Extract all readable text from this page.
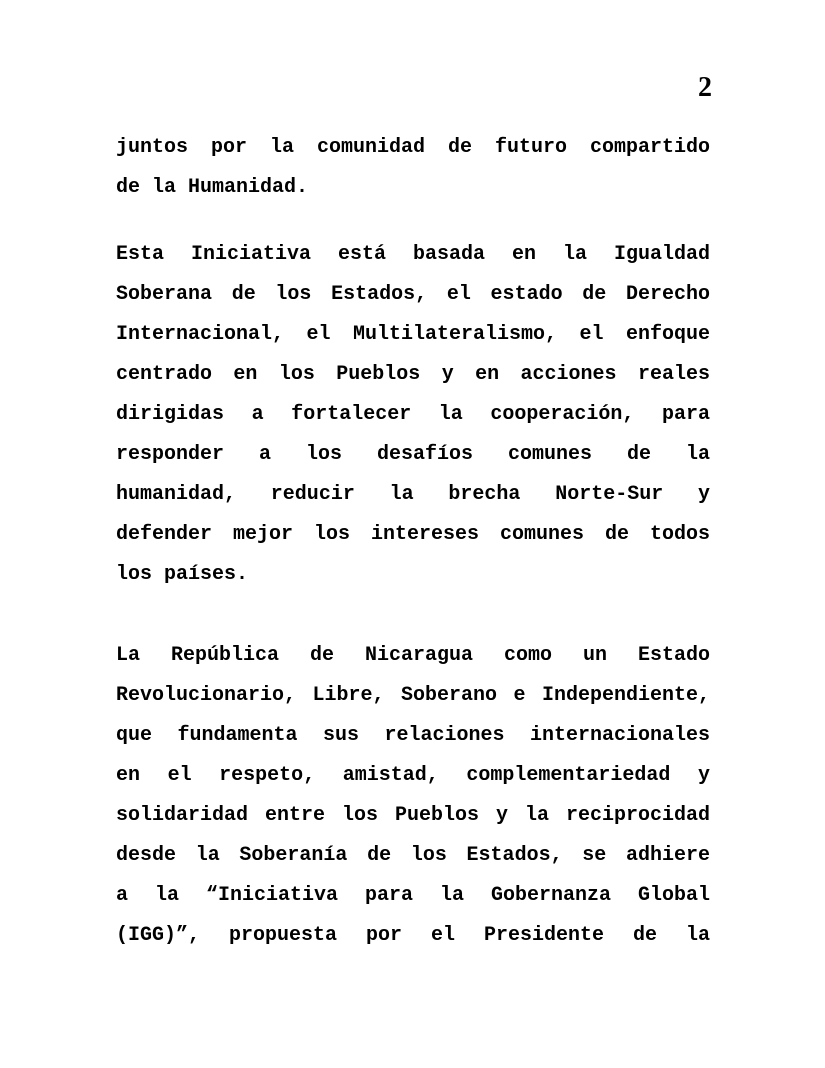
2
juntos por la comunidad de futuro compartido
de la Humanidad.
Esta Iniciativa está basada en la Igualdad
Soberana de los Estados, el estado de Derecho
Internacional, el Multilateralismo, el enfoque
centrado en los Pueblos y en acciones reales
dirigidas a fortalecer la cooperación, para
responder a los desafíos comunes de la
humanidad, reducir la brecha Norte-Sur y
defender mejor los intereses comunes de todos
los países.
La República de Nicaragua como un Estado
Revolucionario, Libre, Soberano e Independiente,
que fundamenta sus relaciones internacionales
en el respeto, amistad, complementariedad y
solidaridad entre los Pueblos y la reciprocidad
desde la Soberanía de los Estados, se adhiere
a la “Iniciativa para la Gobernanza Global
(IGG)”, propuesta por el Presidente de la
